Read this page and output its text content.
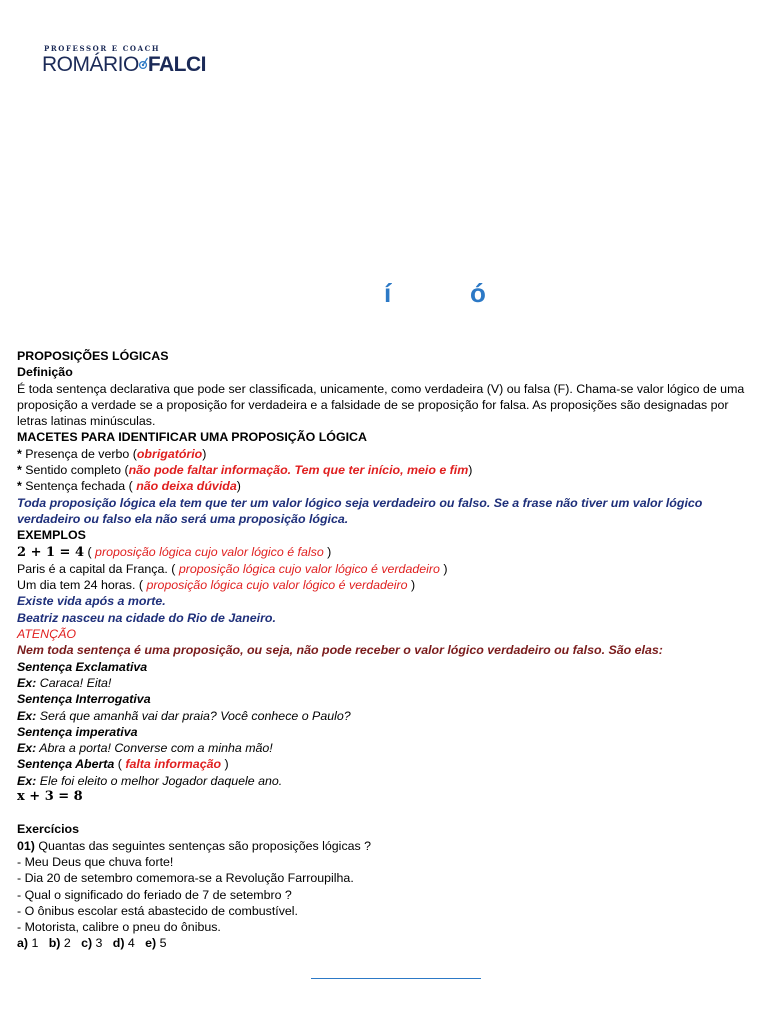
PROFESSOR E COACH
ROMÁRIO FALCI
í	ó

PROPOSIÇÕES LÓGICAS

Definição

É toda sentença declarativa que pode ser classificada, unicamente, como verdadeira (V) ou falsa (F). Chama-se valor lógico de uma proposição a verdade se a proposição for verdadeira e a falsidade de se proposição for falsa. As proposições são designadas por letras latinas minúsculas.

MACETES PARA IDENTIFICAR UMA PROPOSIÇÃO LÓGICA

* Presença de verbo (obrigatório)

* Sentido completo (não pode faltar informação. Tem que ter início, meio e fim)

* Sentença fechada ( não deixa dúvida)

Toda proposição lógica ela tem que ter um valor lógico seja verdadeiro ou falso. Se a frase não tiver um valor lógico verdadeiro ou falso ela não será uma proposição lógica.

EXEMPLOS

2 + 1 = 4 ( proposição lógica cujo valor lógico é falso )

Paris é a capital da França. ( proposição lógica cujo valor lógico é verdadeiro )

Um dia tem 24 horas. ( proposição lógica cujo valor lógico é verdadeiro )

Existe vida após a morte.

Beatriz nasceu na cidade do Rio de Janeiro.

ATENÇÃO

Nem toda sentença é uma proposição, ou seja, não pode receber o valor lógico verdadeiro ou falso. São elas:

Sentença Exclamativa

Ex: Caraca! Eita!

Sentença Interrogativa

Ex: Será que amanhã vai dar praia? Você conhece o Paulo?

Sentença imperativa

Ex: Abra a porta! Converse com a minha mão!

Sentença Aberta ( falta informação )

Ex: Ele foi eleito o melhor Jogador daquele ano.

x + 3 = 8

Exercícios

01) Quantas das seguintes sentenças são proposições lógicas ?

- Meu Deus que chuva forte!

- Dia 20 de setembro comemora-se a Revolução Farroupilha.

- Qual o significado do feriado de 7 de setembro ?

- O ônibus escolar está abastecido de combustível.

- Motorista, calibre o pneu do ônibus.

a) 1 b) 2 c) 3 d) 4 e) 5
